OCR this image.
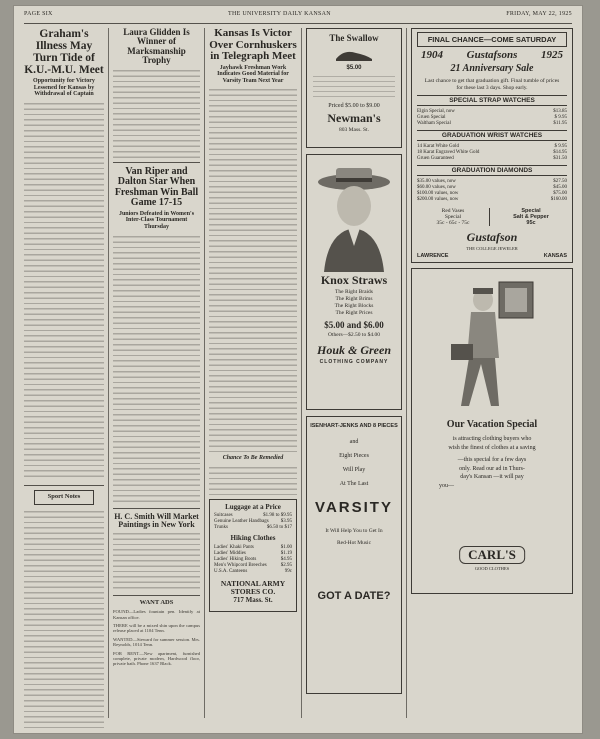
PAGE SIX	THE UNIVERSITY DAILY KANSAN	FRIDAY, MAY 22, 1925
Graham's Illness May Turn Tide of K.U.-M.U. Meet
Opportunity for Victory Lessened for Kansas by Withdrawal of Captain
Sport Notes
Laura Glidden Is Winner of Marksmanship Trophy
Van Riper and Dalton Star When Freshman Win Ball Game 17-15
Juniors Defeated in Women's Inter-Class Tournament Thursday
H. C. Smith Will Market Paintings in New York
WANT ADS
FOUND—Ladies fountain pen. Identify at Kansan office.
THERE will be a mixed shin upon the campus release placed at 1104 Tenn.
WANTED—Steward for summer session. Mrs. Reynolds, 1014 Tenn.
FOR RENT—New apartment, furnished complete, private modern, Hardwood floor, private bath. Phone 1637 Black.
Kansas Is Victor Over Cornhuskers in Telegraph Meet
Jayhawk Freshman Work Indicates Good Material for Varsity Team Next Year
Chance To Be Remedied
Luggage at a Price
Suitcases	$1.98 to $9.95
Genuine Leather Handbags $3.95
Trunks	$6.50 to $17
Hiking Clothes
Ladies' Khaki Pants	$1.00
Ladies' Middies	$1.19
Ladies' Hiking Boots	$4.95
Men's Whipcord Breeches	$2.95
U.S.A. Canteens	99c
NATIONAL ARMY STORES CO.
717 Mass. St.
The Swallow
$5.00
Priced $5.00 to $9.00
Newman's
803 Mass. St.
Knox Straws
The Right Braids
The Right Brims
The Right Blocks
The Right Prices
$5.00 and $6.00
Others—$2.50 to $4.00
Houk & Green
CLOTHING COMPANY
ISENHART-JENKS AND 8 PIECES
and
Eight Pieces
Will Play
At The Last
VARSITY
It Will Help You to Get In
Red-Hot Music
GOT A DATE?
FINAL CHANCE—COME SATURDAY
1904 Gustafsons 1925
21 Anniversary Sale
Last chance to get that graduation gift. Final tumble of prices for these last 3 days. Shop early.
SPECIAL STRAP WATCHES
Elgin Special, now	$13.85
Gruen Special	$ 9.95
Waltham Special	$11.95
GRADUATION WRIST WATCHES
14 Karat White Gold	$ 9.95
18 Karat Engraved White Gold	$14.95
Gruen Guaranteed	$31.50
GRADUATION DIAMONDS
$35.00 values, now	$27.50
$60.00 values, now	$45.00
$100.00 values, now	$75.00
$200.00 values, now	$160.00
Red Vases
Special
35c - 65c - 75c
Special
Salt & Pepper
95c
Gustafson
THE COLLEGE JEWELER
LAWRENCE	KANSAS
Our Vacation Special
is attracting clothing buyers who
wish the finest of clothes at a saving
—this special for a few days
only. Read our ad in Thurs-
day's Kansan —it will pay
you—
CARL'S
GOOD CLOTHES
